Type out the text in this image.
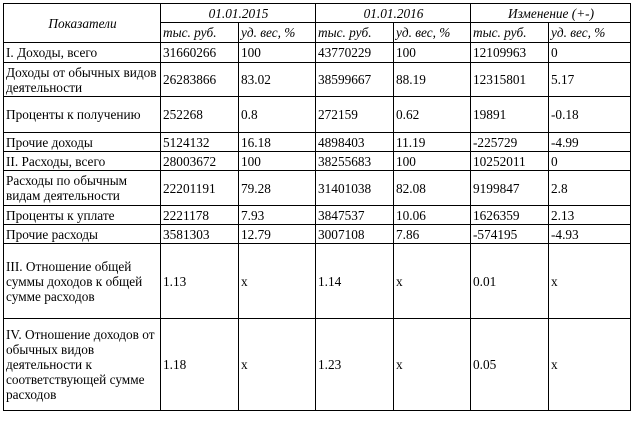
Показатели	01.01.2015		01.01.2016		Изменение (+-)	
	тыс. руб.	уд. вес, %	тыс. руб.	уд. вес, %	тыс. руб.	уд. вес, %
I. Доходы, всего	31660266	100	43770229	100	12109963	0
Доходы от обычных видов деятельности	26283866	83.02	38599667	88.19	12315801	5.17
Проценты к получению	252268	0.8	272159	0.62	19891	-0.18
Прочие доходы	5124132	16.18	4898403	11.19	-225729	-4.99
II. Расходы, всего	28003672	100	38255683	100	10252011	0
Расходы по обычным видам деятельности	22201191	79.28	31401038	82.08	9199847	2.8
Проценты к уплате	2221178	7.93	3847537	10.06	1626359	2.13
Прочие расходы	3581303	12.79	3007108	7.86	-574195	-4.93
III. Отношение общей суммы доходов к общей сумме расходов	1.13	x	1.14	x	0.01	x
IV. Отношение доходов от обычных видов деятельности к соответствующей сумме расходов	1.18	x	1.23	x	0.05	x
